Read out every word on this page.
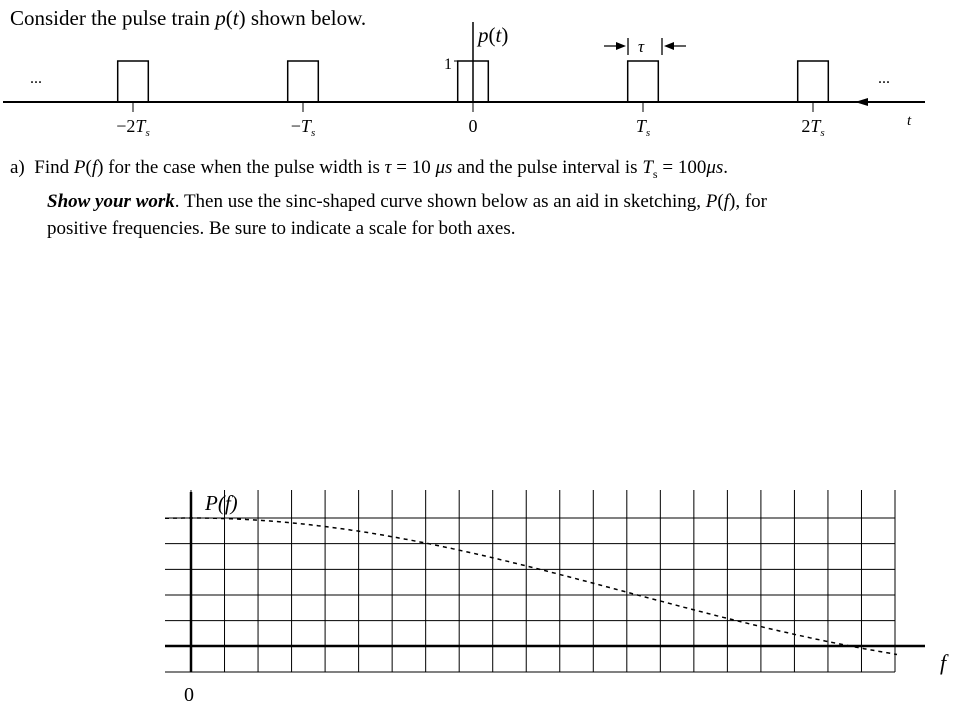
Consider the pulse train p(t) shown below.
p(t)
1
...	...
τ
$-2T_s$	$-T_s$	0	$T_s$	$2T_s$
t
a) Find P(f) for the case when the pulse width is τ = 10 μs and the pulse interval is $T_s = 100\mu s$.
Show your work. Then use the sinc-shaped curve shown below as an aid in sketching, P(f), for
positive frequencies. Be sure to indicate a scale for both axes.
P(f)
f
0
